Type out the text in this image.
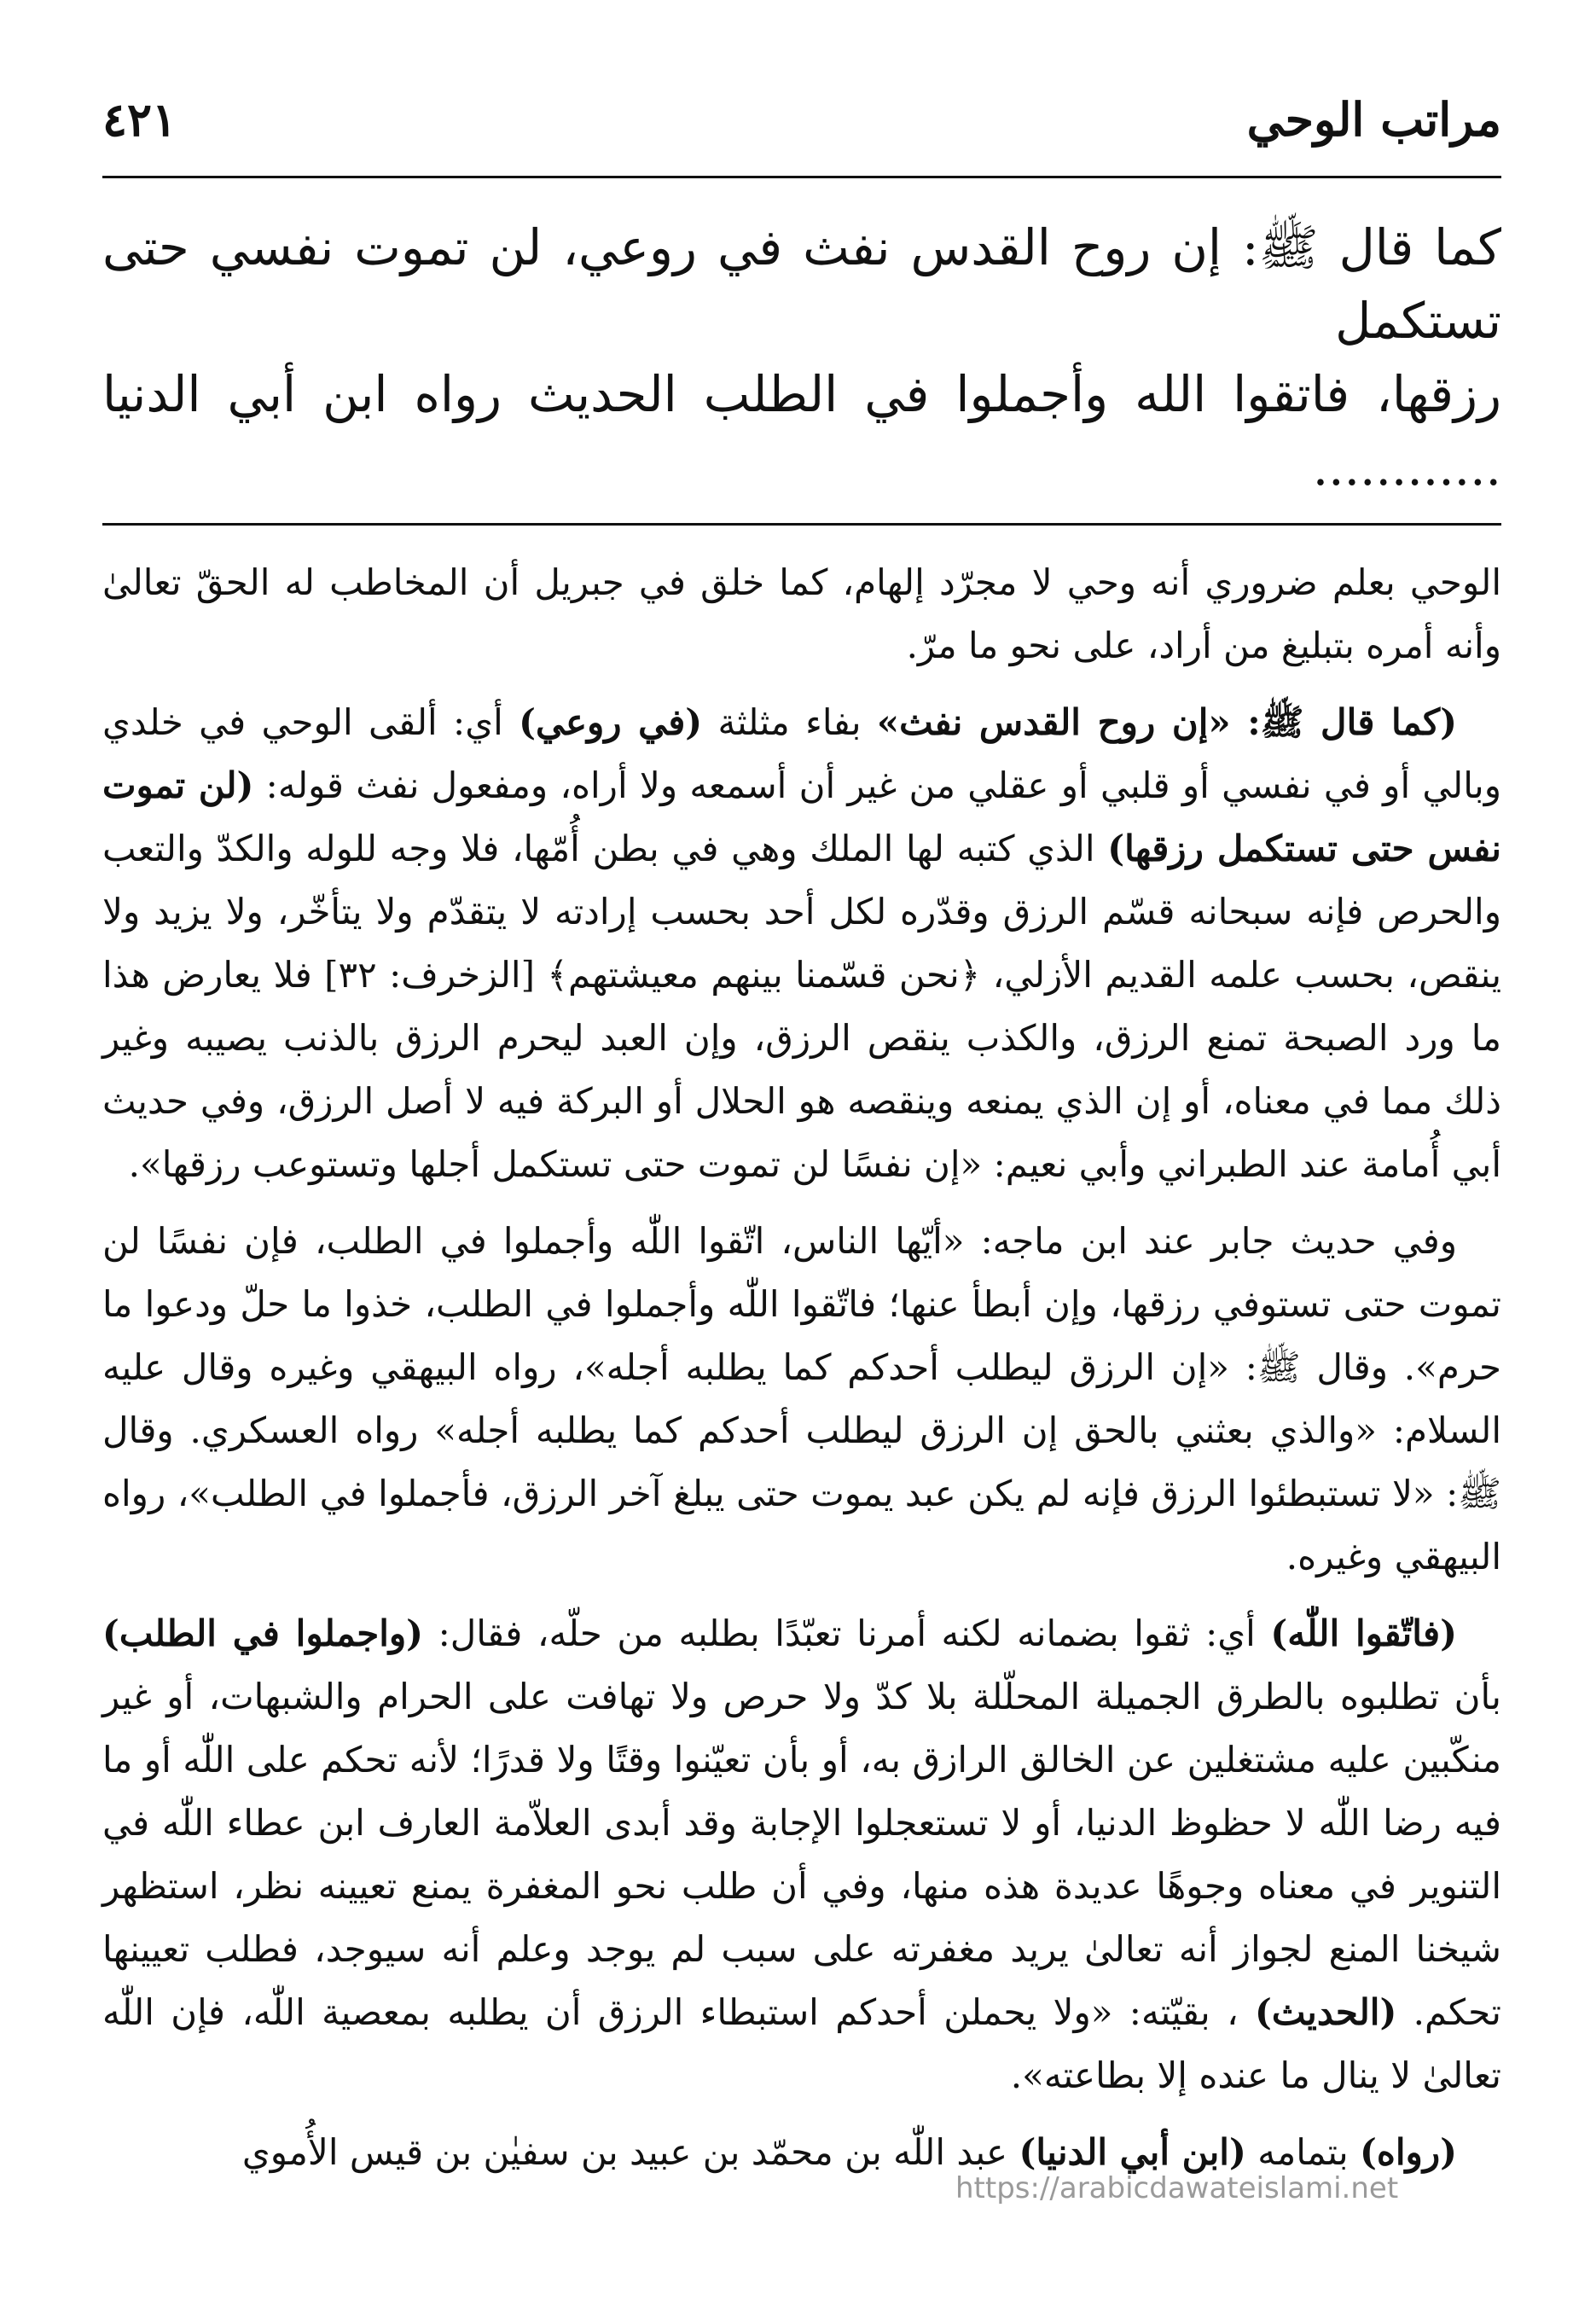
مراتب الوحي
٤٢١

كما قال ﷺ: إن روح القدس نفث في روعي، لن تموت نفسي حتى تستكمل

رزقها، فاتقوا الله وأجملوا في الطلب الحديث رواه ابن أبي الدنيا ............

الوحي بعلم ضروري أنه وحي لا مجرّد إلهام، كما خلق في جبريل أن المخاطب له الحقّ تعالىٰ وأنه أمره بتبليغ من أراد، على نحو ما مرّ.

(كما قال ﷺ: «إن روح القدس نفث» بفاء مثلثة (في روعي) أي: ألقى الوحي في خلدي وبالي أو في نفسي أو قلبي أو عقلي من غير أن أسمعه ولا أراه، ومفعول نفث قوله: (لن تموت نفس حتى تستكمل رزقها) الذي كتبه لها الملك وهي في بطن أُمّها، فلا وجه للوله والكدّ والتعب والحرص فإنه سبحانه قسّم الرزق وقدّره لكل أحد بحسب إرادته لا يتقدّم ولا يتأخّر، ولا يزيد ولا ينقص، بحسب علمه القديم الأزلي، ﴿نحن قسّمنا بينهم معيشتهم﴾ [الزخرف: ٣٢] فلا يعارض هذا ما ورد الصبحة تمنع الرزق، والكذب ينقص الرزق، وإن العبد ليحرم الرزق بالذنب يصيبه وغير ذلك مما في معناه، أو إن الذي يمنعه وينقصه هو الحلال أو البركة فيه لا أصل الرزق، وفي حديث أبي أُمامة عند الطبراني وأبي نعيم: «إن نفسًا لن تموت حتى تستكمل أجلها وتستوعب رزقها».

وفي حديث جابر عند ابن ماجه: «أيّها الناس، اتّقوا اللّٰه وأجملوا في الطلب، فإن نفسًا لن تموت حتى تستوفي رزقها، وإن أبطأ عنها؛ فاتّقوا اللّٰه وأجملوا في الطلب، خذوا ما حلّ ودعوا ما حرم». وقال ﷺ: «إن الرزق ليطلب أحدكم كما يطلبه أجله»، رواه البيهقي وغيره وقال عليه السلام: «والذي بعثني بالحق إن الرزق ليطلب أحدكم كما يطلبه أجله» رواه العسكري. وقال ﷺ: «لا تستبطئوا الرزق فإنه لم يكن عبد يموت حتى يبلغ آخر الرزق، فأجملوا في الطلب»، رواه البيهقي وغيره.

(فاتّقوا اللّٰه) أي: ثقوا بضمانه لكنه أمرنا تعبّدًا بطلبه من حلّه، فقال: (واجملوا في الطلب) بأن تطلبوه بالطرق الجميلة المحلّلة بلا كدّ ولا حرص ولا تهافت على الحرام والشبهات، أو غير منكّبين عليه مشتغلين عن الخالق الرازق به، أو بأن تعيّنوا وقتًا ولا قدرًا؛ لأنه تحكم على اللّٰه أو ما فيه رضا اللّٰه لا حظوظ الدنيا، أو لا تستعجلوا الإجابة وقد أبدى العلاّمة العارف ابن عطاء اللّٰه في التنوير في معناه وجوهًا عديدة هذه منها، وفي أن طلب نحو المغفرة يمنع تعيينه نظر، استظهر شيخنا المنع لجواز أنه تعالىٰ يريد مغفرته على سبب لم يوجد وعلم أنه سيوجد، فطلب تعيينها تحكم. (الحديث) ، بقيّته: «ولا يحملن أحدكم استبطاء الرزق أن يطلبه بمعصية اللّٰه، فإن اللّٰه تعالىٰ لا ينال ما عنده إلا بطاعته».

(رواه) بتمامه (ابن أبي الدنيا) عبد اللّٰه بن محمّد بن عبيد بن سفيٰن بن قيس الأُموي

https://arabicdawateislami.net
